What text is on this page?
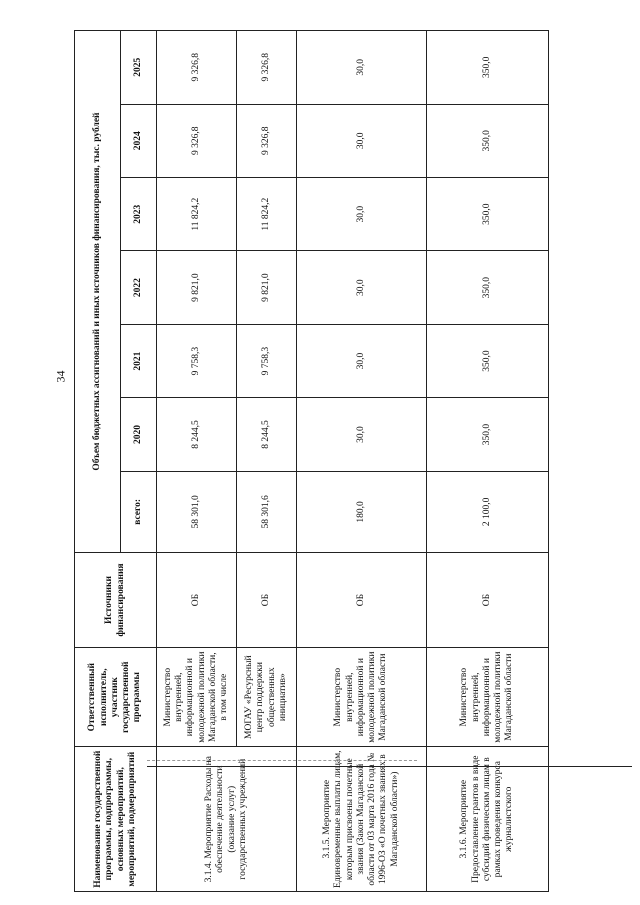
34
Наименование государственной программы, подпрограммы, основных мероприятий, мероприятий, подмероприятий	Ответственный исполнитель, участник государственной программы	Источники финансирования	Объем бюджетных ассигнований и иных источников финансирования, тыс. рублей						
			всего:	2020	2021	2022	2023	2024	2025
3.1.4. Мероприятие Расходы на обеспечение деятельности (оказание услуг) государственных учреждений	Министерство внутренней, информационной и молодежной политики Магаданской области, в том числе	ОБ	58 301,0	8 244,5	9 758,3	9 821,0	11 824,2	9 326,8	9 326,8
	МОГАУ «Ресурсный центр поддержки общественных инициатив»	ОБ	58 301,6	8 244,5	9 758,3	9 821,0	11 824,2	9 326,8	9 326,8
3.1.5. Мероприятие Единовременные выплаты лицам, которым присвоены почетные звания (Закон Магаданской области от 03 марта 2016 года № 1996-ОЗ «О почетных званиях в Магаданской области»)	Министерство внутренней, информационной и молодежной политики Магаданской области	ОБ	180,0	30,0	30,0	30,0	30,0	30,0	30,0
3.1.6. Мероприятие Предоставление грантов в виде субсидий физическим лицам в рамках проведения конкурса журналистского	Министерство внутренней, информационной и молодежной политики Магаданской области	ОБ	2 100,0	350,0	350,0	350,0	350,0	350,0	350,0
